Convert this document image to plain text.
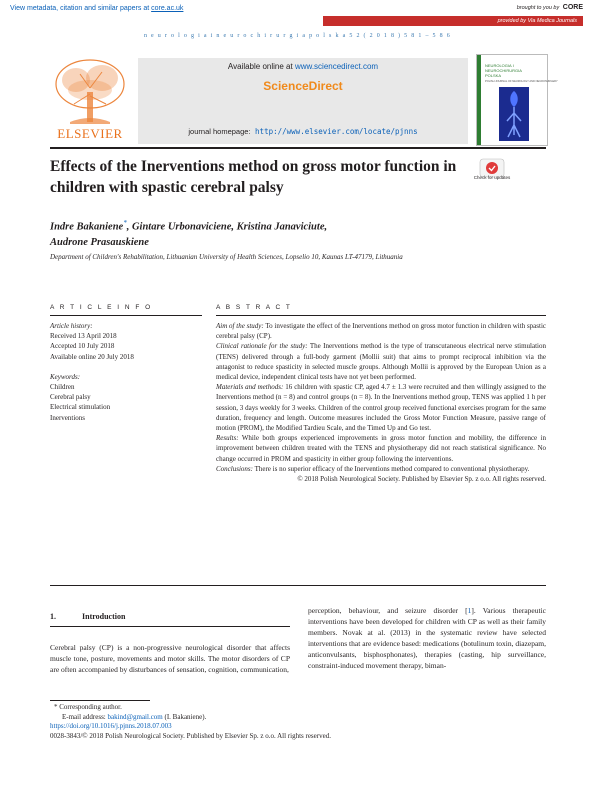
View metadata, citation and similar papers at core.ac.uk	brought to you by CORE
provided by Via Medica Journals
n e u r o l o g i a i n e u r o c h i r u r g i a p o l s k a 5 2 ( 2 0 1 8 ) 5 8 1 – 5 8 6
ELSEVIER
Available online at www.sciencedirect.com
ScienceDirect
journal homepage: http://www.elsevier.com/locate/pjnns
NEUROLOGIA I
NEUROCHIRURGIA
POLSKA
POLISH JOURNAL OF NEUROLOGY AND NEUROSURGERY
Effects of the Inerventions method on gross motor function in children with spastic cerebral palsy
Check for updates
Indre Bakaniene*, Gintare Urbonaviciene, Kristina Janaviciute,
Audrone Prasauskiene
Department of Children's Rehabilitation, Lithuanian University of Health Sciences, Lopselio 10, Kaunas LT-47179, Lithuania
A R T I C L E I N F O	A B S T R A C T
Article history:
Received 13 April 2018
Accepted 10 July 2018
Available online 20 July 2018
Keywords:
Children
Cerebral palsy
Electrical stimulation
Inerventions

Aim of the study: To investigate the effect of the Inerventions method on gross motor function in children with spastic cerebral palsy (CP).

Clinical rationale for the study: The Inerventions method is the type of transcutaneous electrical nerve stimulation (TENS) delivered through a full-body garment (Mollii suit) that aims to prompt reciprocal inhibition via the antagonist to reduce spasticity in selected muscle groups. Although Mollii is approved by the European Union as a medical device, independent clinical tests have not yet been performed.

Materials and methods: 16 children with spastic CP, aged 4.7 ± 1.3 were recruited and then willingly assigned to the Inerventions method (n = 8) and control groups (n = 8). In the Inerventions method group, TENS was applied 1 h per session, 3 days weekly for 3 weeks. Children of the control group received functional exercises program for the same duration, frequency and length. Outcome measures included the Gross Motor Function Measure, passive range of motion (PROM), the Modified Tardieu Scale, and the Timed Up and Go test.

Results: While both groups experienced improvements in gross motor function and mobility, the difference in improvement between children treated with the TENS and physiotherapy did not reach statistical significance. No change occurred in PROM and spasticity in either group following the interventions.

Conclusions: There is no superior efficacy of the Inerventions method compared to conventional physiotherapy.

© 2018 Polish Neurological Society. Published by Elsevier Sp. z o.o. All rights reserved.

1.	Introduction

Cerebral palsy (CP) is a non-progressive neurological disorder that affects muscle tone, posture, movements and motor skills. The motor disorders of CP are often accompanied by disturbances of sensation, cognition, communication,

perception, behaviour, and seizure disorder [1]. Various therapeutic interventions have been developed for children with CP as well as their family members. Novak at al. (2013) in the systematic review have selected interventions that are evidence based: medications (botulinum toxin, diazepam, anticonvulsants, bisphosphonates), therapies (casting, hip surveillance, constraint-induced movement therapy, biman-

* Corresponding author.
E-mail address: bakind@gmail.com (I. Bakaniene).
https://doi.org/10.1016/j.pjnns.2018.07.003
0028-3843/© 2018 Polish Neurological Society. Published by Elsevier Sp. z o.o. All rights reserved.
